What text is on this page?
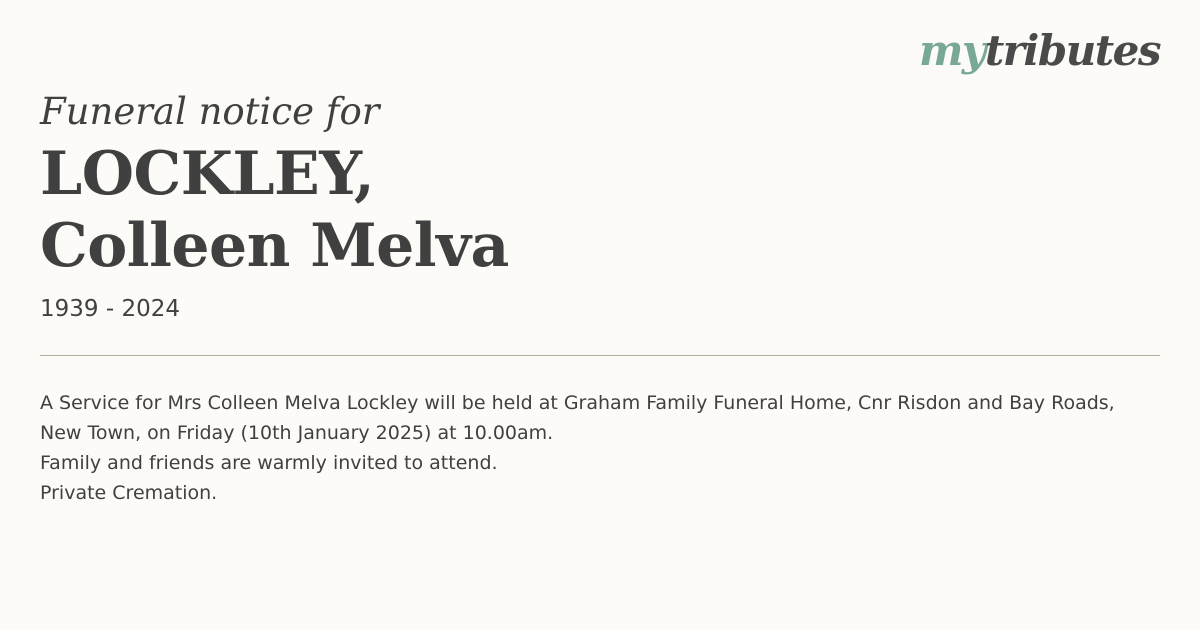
mytributes

Funeral notice for

LOCKLEY,

Colleen Melva

1939 - 2024

A Service for Mrs Colleen Melva Lockley will be held at Graham Family Funeral Home, Cnr Risdon and Bay Roads, New Town, on Friday (10th January 2025) at 10.00am.

Family and friends are warmly invited to attend.

Private Cremation.
